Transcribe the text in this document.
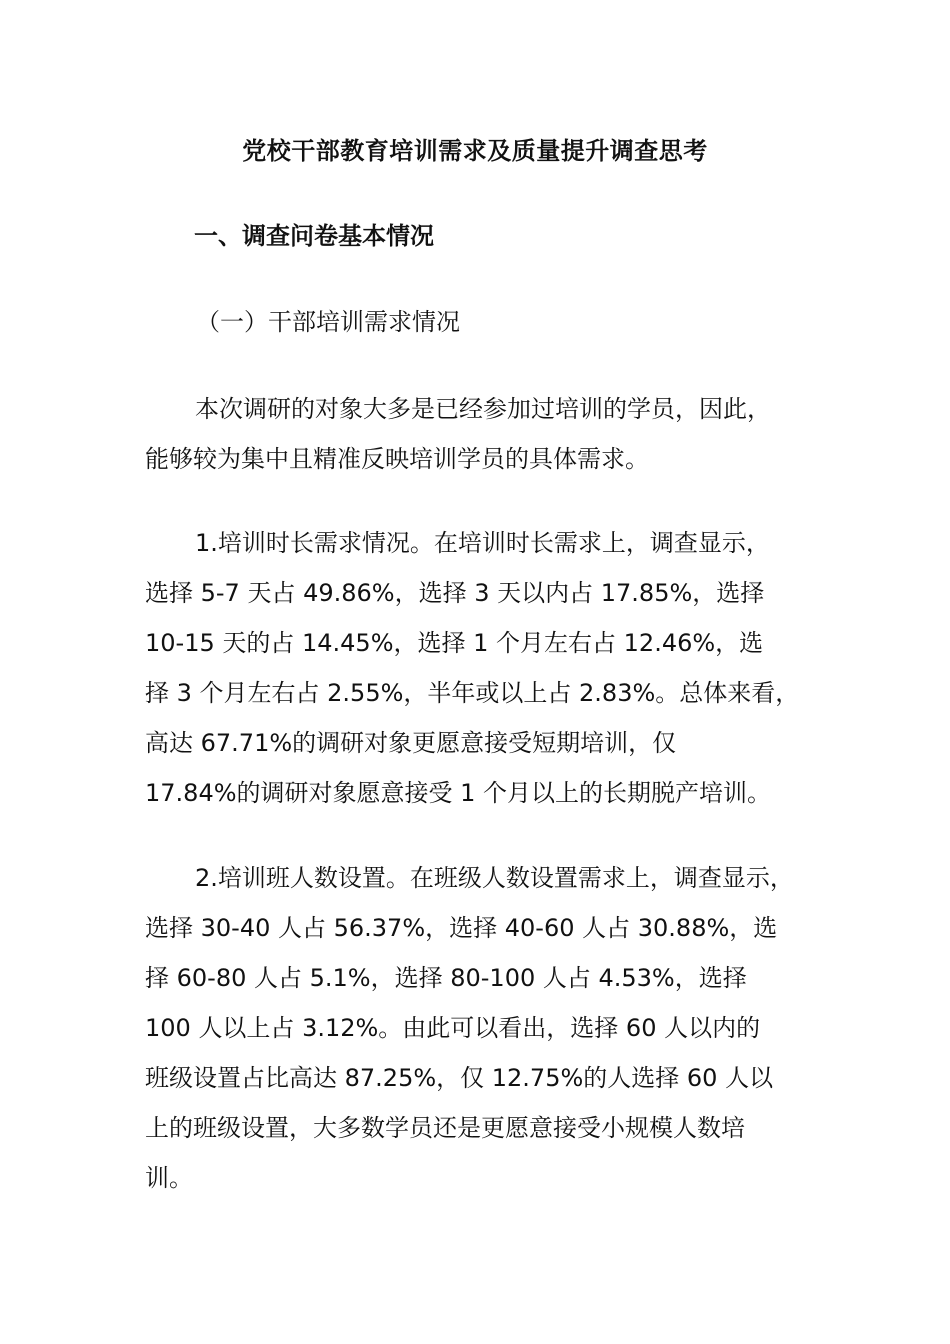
党校干部教育培训需求及质量提升调查思考
一、调查问卷基本情况
（一）干部培训需求情况
本次调研的对象大多是已经参加过培训的学员，因此，
能够较为集中且精准反映培训学员的具体需求。
1.培训时长需求情况。在培训时长需求上，调查显示，
选择 5-7 天占 49.86%，选择 3 天以内占 17.85%，选择
10-15 天的占 14.45%，选择 1 个月左右占 12.46%，选
择 3 个月左右占 2.55%，半年或以上占 2.83%。总体来看，
高达 67.71%的调研对象更愿意接受短期培训，仅
17.84%的调研对象愿意接受 1 个月以上的长期脱产培训。
2.培训班人数设置。在班级人数设置需求上，调查显示，
选择 30-40 人占 56.37%，选择 40-60 人占 30.88%，选
择 60-80 人占 5.1%，选择 80-100 人占 4.53%，选择
100 人以上占 3.12%。由此可以看出，选择 60 人以内的
班级设置占比高达 87.25%，仅 12.75%的人选择 60 人以
上的班级设置，大多数学员还是更愿意接受小规模人数培
训。
